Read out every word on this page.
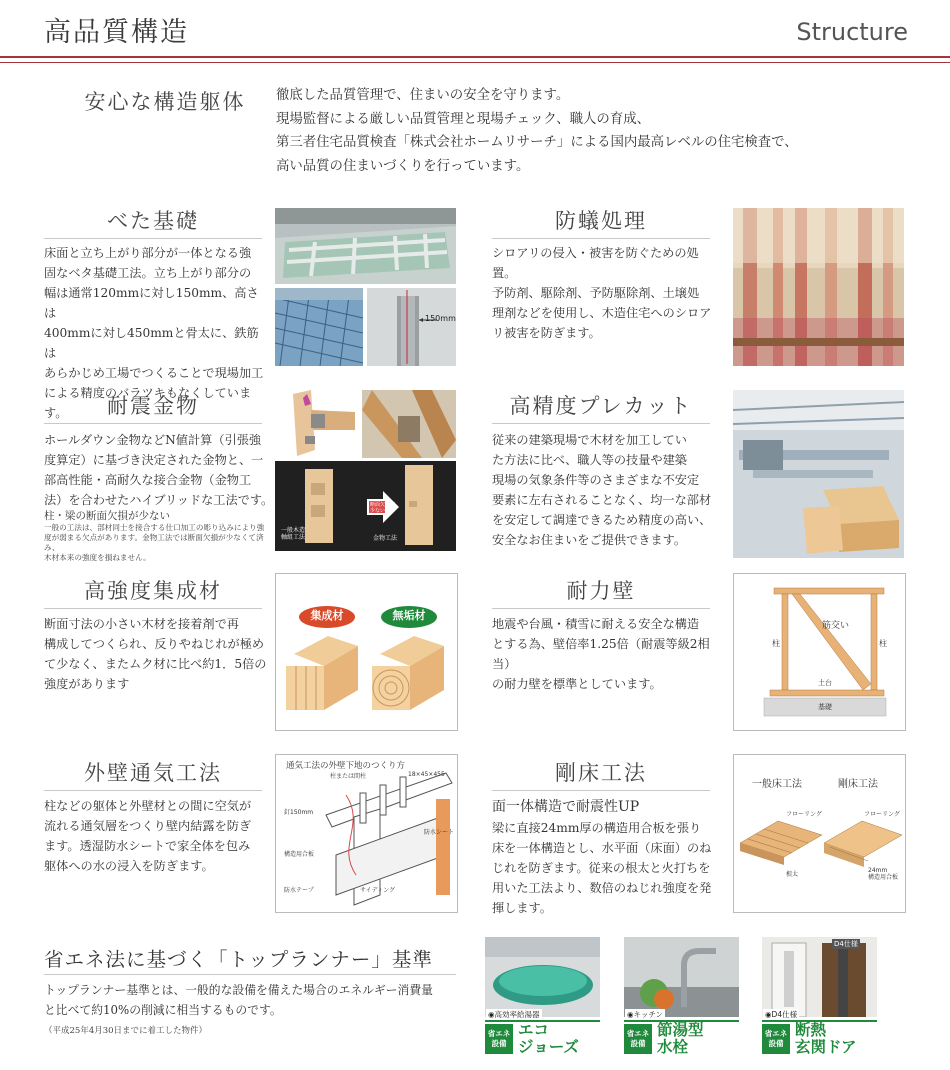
高品質構造	Structure
安心な構造躯体	徹底した品質管理で、住まいの安全を守ります。
現場監督による厳しい品質管理と現場チェック、職人の育成、
第三者住宅品質検査「株式会社ホームリサーチ」による国内最高レベルの住宅検査で、
高い品質の住まいづくりを行っています。
べた基礎
床面と立ち上がり部分が一体となる強
固なベタ基礎工法。立ち上がり部分の
幅は通常120mmに対し150mm、高さは
400mmに対し450mmと骨太に、鉄筋は
あらかじめ工場でつくることで現場加工
による精度のバラツキもなくしています。
150mm
防蟻処理
シロアリの侵入・被害を防ぐための処置。
予防剤、駆除剤、予防駆除剤、土壌処
理剤などを使用し、木造住宅へのシロア
リ被害を防ぎます。
耐震金物
ホールダウン金物などN値計算（引張強
度算定）に基づき決定された金物と、一
部高性能・高耐久な接合金物（金物工
法）を合わせたハイブリッドな工法です。
柱・梁の断面欠損が少ない
一般の工法は、部材同士を接合する仕口加工の彫り込みにより強
度が弱まる欠点があります。金物工法では断面欠損が少なくて済み、
木材本来の強度を損ねません。
一般木造
軸組工法	金物工法
断面欠損が
少ない
高精度プレカット
従来の建築現場で木材を加工してい
た方法に比べ、職人等の技量や建築
現場の気象条件等のさまざまな不安定
要素に左右されることなく、均一な部材
を安定して調達できるため精度の高い、
安全なお住まいをご提供できます。
高強度集成材
断面寸法の小さい木材を接着剤で再
構成してつくられ、反りやねじれが極め
て少なく、またムク材に比べ約1．5倍の
強度があります
集成材	無垢材
耐力壁
地震や台風・積雪に耐える安全な構造
とする為、壁倍率1.25倍（耐震等級2相当）
の耐力壁を標準としています。
筋交い
柱	柱
土台
基礎
外壁通気工法
柱などの躯体と外壁材との間に空気が
流れる通気層をつくり壁内結露を防ぎ
ます。透湿防水シートで家全体を包み
躯体への水の浸入を防ぎます。
通気工法の外壁下地のつくり方
柱または間柱	18×45×455
釘150mm
防水シート
構造用合板
防水テープ	サイディング
剛床工法
面一体構造で耐震性UP
梁に直接24mm厚の構造用合板を張り
床を一体構造とし、水平面（床面）のね
じれを防ぎます。従来の根太と火打ちを
用いた工法より、数倍のねじれ強度を発
揮します。
一般床工法	剛床工法
フローリング	フローリング
根太
24mm
構造用合板
省エネ法に基づく「トップランナー」基準
トップランナー基準とは、一般的な設備を備えた場合のエネルギー消費量
と比べて約10%の削減に相当するものです。
（平成25年4月30日までに着工した物件）
◉高効率給湯器
省エネ
設備
エコ
ジョーズ
◉キッチン
省エネ
設備
節湯型
水栓
D4仕様
◉D4仕様
省エネ
設備
断熱
玄関ドア
